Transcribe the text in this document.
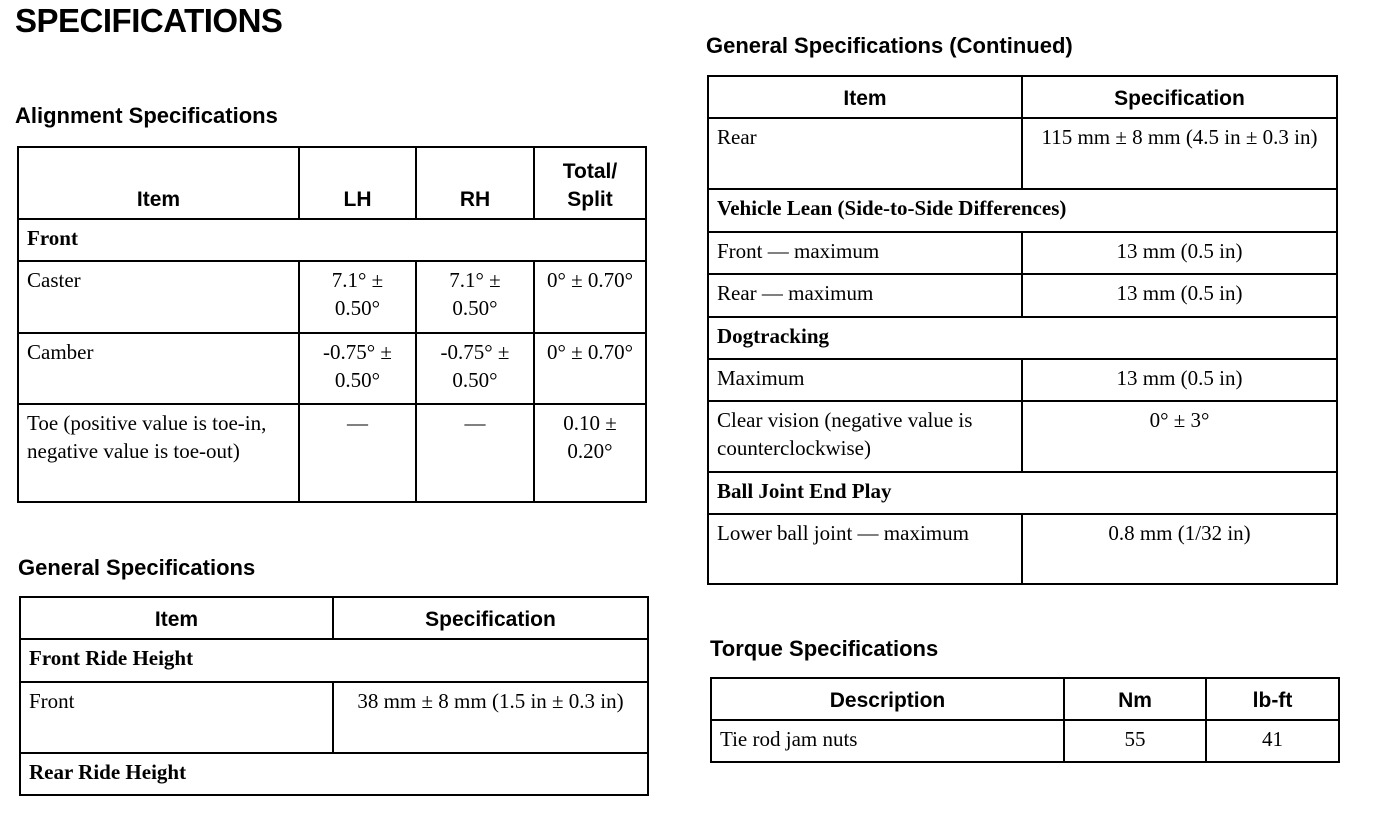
SPECIFICATIONS
Alignment Specifications
Item	LH	RH	Total/ Split
Front			
Caster	7.1° ± 0.50°	7.1° ± 0.50°	0° ± 0.70°
Camber	-0.75° ± 0.50°	-0.75° ± 0.50°	0° ± 0.70°
Toe (positive value is toe-in, negative value is toe-out)	—	—	0.10 ± 0.20°
General Specifications
Item	Specification
Front Ride Height	
Front	38 mm ± 8 mm (1.5 in ± 0.3 in)
Rear Ride Height	
General Specifications (Continued)
Item	Specification
Rear	115 mm ± 8 mm (4.5 in ± 0.3 in)
Vehicle Lean (Side-to-Side Differences)	
Front — maximum	13 mm (0.5 in)
Rear — maximum	13 mm (0.5 in)
Dogtracking	
Maximum	13 mm (0.5 in)
Clear vision (negative value is counterclockwise)	0° ± 3°
Ball Joint End Play	
Lower ball joint — maximum	0.8 mm (1/32 in)
Torque Specifications
Description	Nm	lb-ft
Tie rod jam nuts	55	41
